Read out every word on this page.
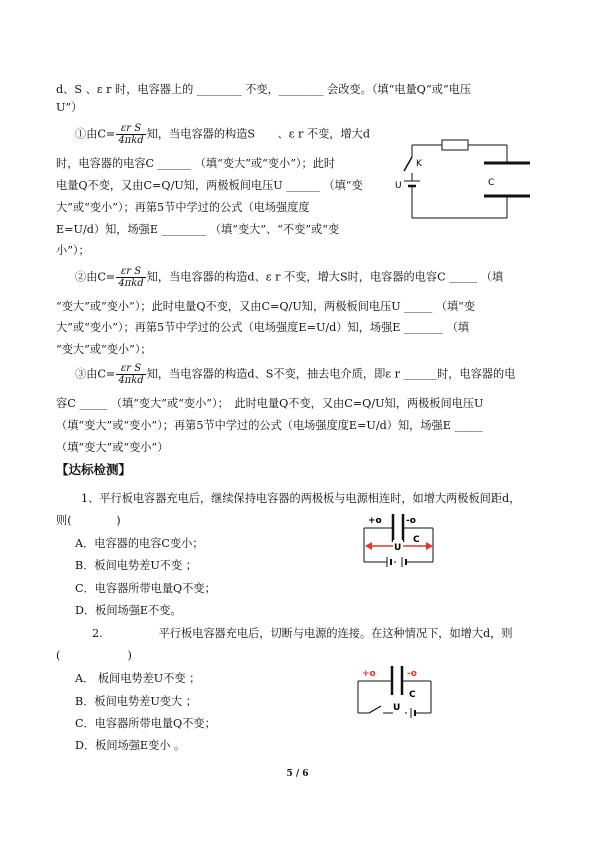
d、S 、ε r 时，电容器上的 ________ 不变，________ 会改变。（填“电量Q”或“电压
U”）
①由$C= \frac{\text{εr S}}{\text{4πkd}}$ 知，当电容器的构造S　　、ε r 不变，增大d
时，电容器的电容C ______ （填“变大”或“变小”）；此时
电量Q不变，又由C=Q/U知，两极板间电压U ______ （填“变
大”或“变小”）；再第5节中学过的公式（电场强度度
E=U/d）知，场强E ________ （填“变大”、“不变”或“变
小”）；
②由$C= \frac{\text{εr S}}{\text{4πkd}}$ 知，当电容器的构造d、ε r 不变，增大S时，电容器的电容C _____ （填
“变大”或“变小”）；此时电量Q不变，又由C=Q/U知，两极板间电压U _____ （填“变
大”或“变小”）；再第5节中学过的公式（电场强度E=U/d）知，场强E _______ （填
“变大”或“变小”）；
③由$C= \frac{\text{εr S}}{\text{4πkd}}$ 知，当电容器的构造d、S不变，抽去电介质，即ε r ______时，电容器的电
容C _____ （填“变大”或“变小”）；　此时电量Q不变，又由C=Q/U知，两极板间电压U
（填“变大”或“变小”）；再第5节中学过的公式（电场强度度E=U/d）知，场强E _____
（填“变大”或“变小”）
【达标检测】
1、平行板电容器充电后，继续保持电容器的两极板与电源相连时，如增大两极板间距d，
则(　　　　)
A．电容器的电容C变小；
B．板间电势差U不变 ；
C．电容器所带电量Q不变；
D．板间场强E不变。
2.　　　　　平行板电容器充电后，切断与电源的连接。在这种情况下，如增大d，则
(　　　　　　)
A． 板间电势差U不变 ；
B．板间电势差U变大 ；
C．电容器所带电量Q不变；
D．板间场强E变小 。
K
U	C
+o	-o
U
C
+o	-o
U
C
5 / 6
